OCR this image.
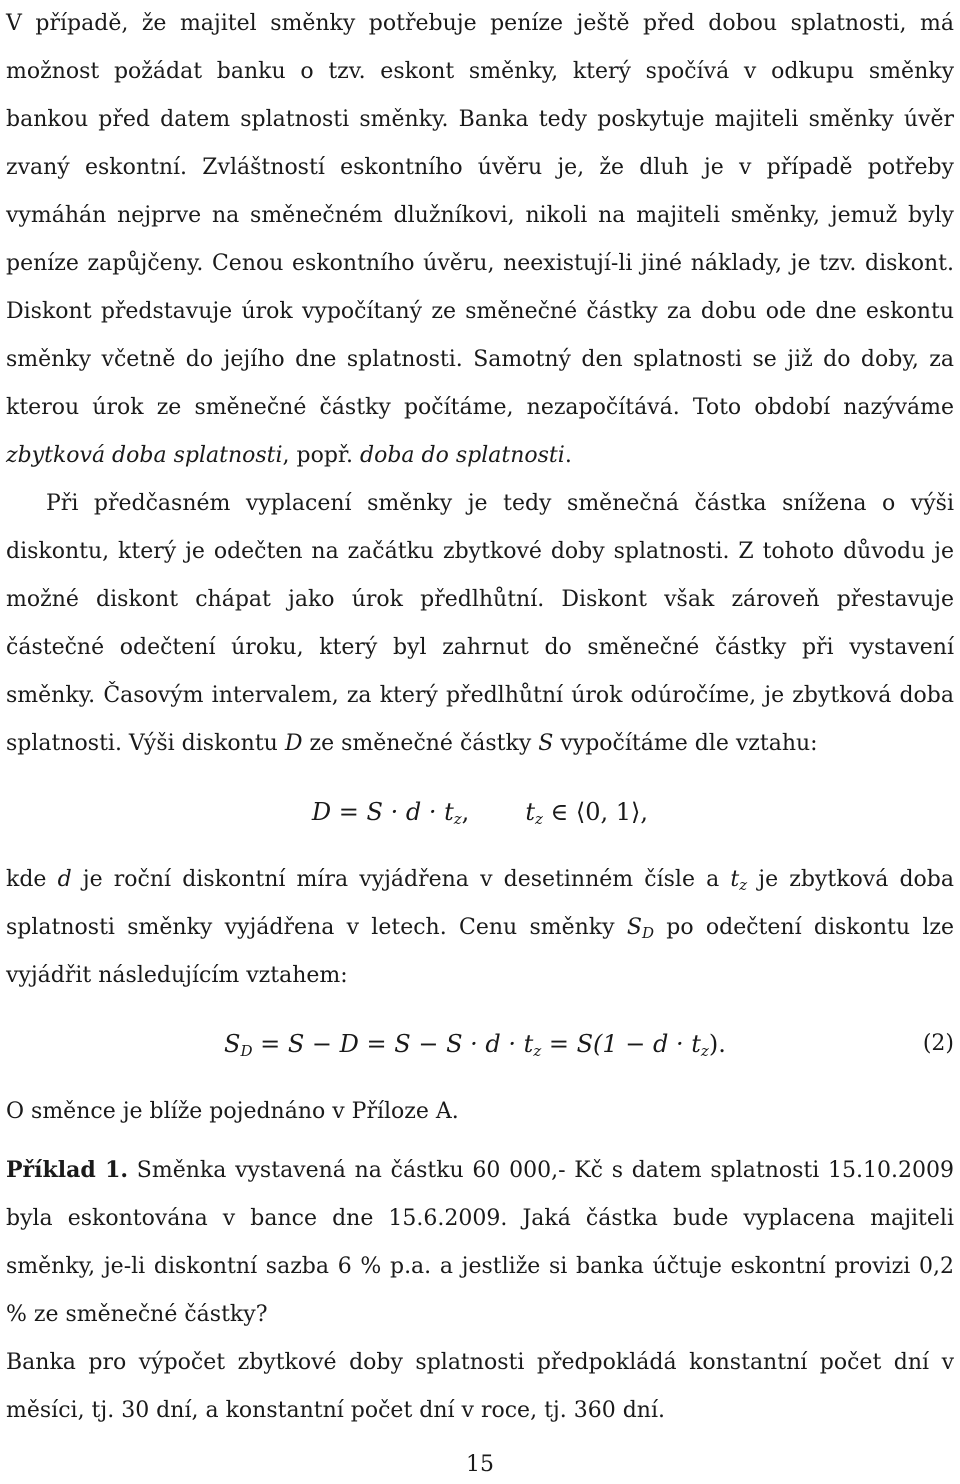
V případě, že majitel směnky potřebuje peníze ještě před dobou splatnosti, má možnost požádat banku o tzv. eskont směnky, který spočívá v odkupu směnky bankou před datem splatnosti směnky. Banka tedy poskytuje majiteli směnky úvěr zvaný eskontní. Zvláštností eskontního úvěru je, že dluh je v případě potřeby vymáhán nejprve na směnečném dlužníkovi, nikoli na majiteli směnky, jemuž byly peníze zapůjčeny. Cenou eskontního úvěru, neexistují-li jiné náklady, je tzv. diskont. Diskont představuje úrok vypočítaný ze směnečné částky za dobu ode dne eskontu směnky včetně do jejího dne splatnosti. Samotný den splatnosti se již do doby, za kterou úrok ze směnečné částky počítáme, nezapočítává. Toto období nazýváme zbytková doba splatnosti, popř. doba do splatnosti.

Při předčasném vyplacení směnky je tedy směnečná částka snížena o výši diskontu, který je odečten na začátku zbytkové doby splatnosti. Z tohoto důvodu je možné diskont chápat jako úrok předlhůtní. Diskont však zároveň přestavuje částečné odečtení úroku, který byl zahrnut do směnečné částky při vystavení směnky. Časovým intervalem, za který předlhůtní úrok odúročíme, je zbytková doba splatnosti. Výši diskontu D ze směnečné částky S vypočítáme dle vztahu:

$D = S \cdot d \cdot t_z$, $t_z$ ∈ ⟨0, 1⟩,

kde d je roční diskontní míra vyjádřena v desetinném čísle a $t_z$ je zbytková doba splatnosti směnky vyjádřena v letech. Cenu směnky $S_D$ po odečtení diskontu lze vyjádřit následujícím vztahem:

$S_D = S - D = S - S \cdot d \cdot t_z = S(1 - d \cdot t_z)$.	(2)

O směnce je blíže pojednáno v Příloze A.

Příklad 1. Směnka vystavená na částku 60 000,- Kč s datem splatnosti 15.10.2009 byla eskontována v bance dne 15.6.2009. Jaká částka bude vyplacena majiteli směnky, je-li diskontní sazba 6 % p.a. a jestliže si banka účtuje eskontní provizi 0,2 % ze směnečné částky?

Banka pro výpočet zbytkové doby splatnosti předpokládá konstantní počet dní v měsíci, tj. 30 dní, a konstantní počet dní v roce, tj. 360 dní.

15
